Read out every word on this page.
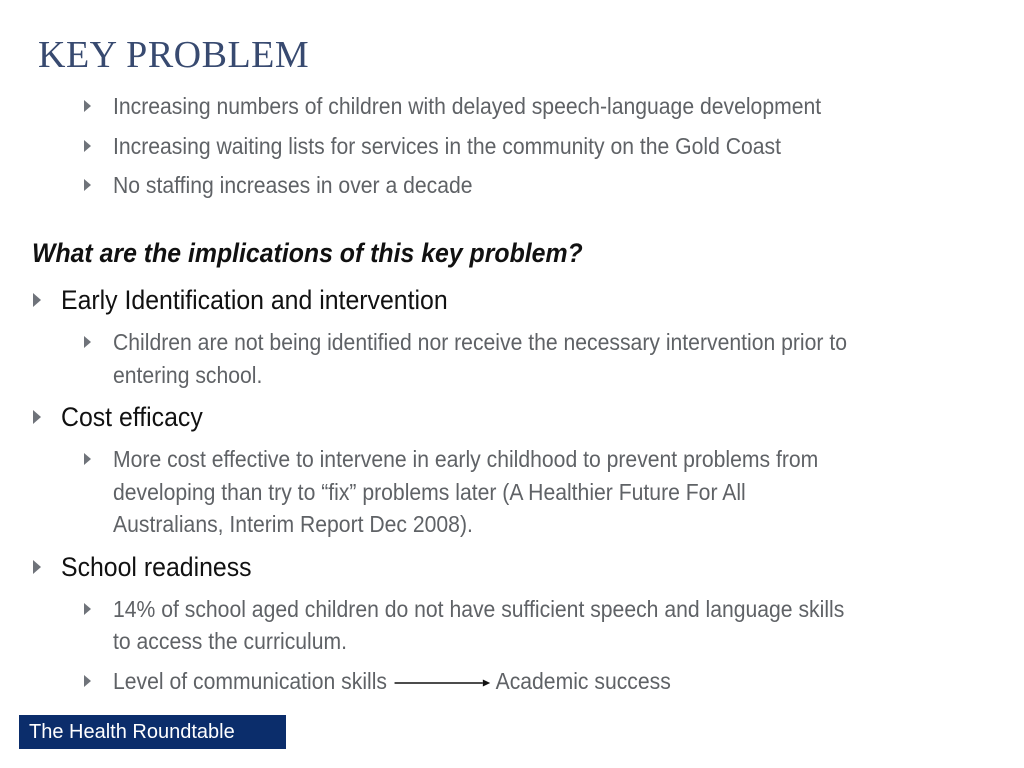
KEY PROBLEM
Increasing numbers of children with delayed speech-language development
Increasing waiting lists for services in the community on the Gold Coast
No staffing increases in over a decade
What are the implications of this key problem?
Early Identification and intervention
Children are not being identified nor receive the necessary intervention prior to
entering school.
Cost efficacy
More cost effective to intervene in early childhood to prevent problems from
developing than try to “fix” problems later (A Healthier Future For All
Australians, Interim Report Dec 2008).
School readiness
14% of school aged children do not have sufficient speech and language skills
to access the curriculum.
Level of communication skills	Academic success
The Health Roundtable
